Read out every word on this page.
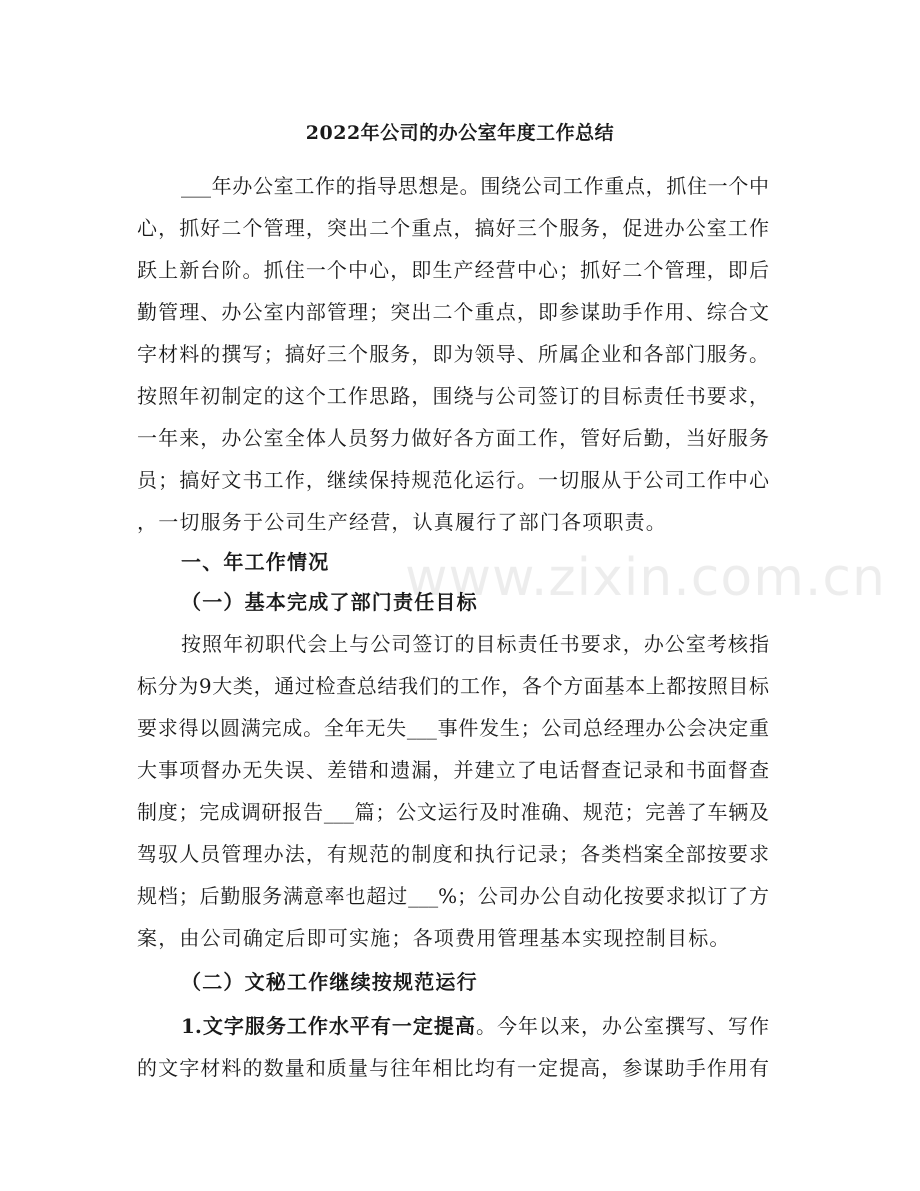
www.zixin.com.cn
2022年公司的办公室年度工作总结
___年办公室工作的指导思想是。围绕公司工作重点，抓住一个中
心，抓好二个管理，突出二个重点，搞好三个服务，促进办公室工作
跃上新台阶。抓住一个中心，即生产经营中心；抓好二个管理，即后
勤管理、办公室内部管理；突出二个重点，即参谋助手作用、综合文
字材料的撰写；搞好三个服务，即为领导、所属企业和各部门服务。
按照年初制定的这个工作思路，围绕与公司签订的目标责任书要求，
一年来，办公室全体人员努力做好各方面工作，管好后勤，当好服务
员；搞好文书工作，继续保持规范化运行。一切服从于公司工作中心
，一切服务于公司生产经营，认真履行了部门各项职责。
一、年工作情况
（一）基本完成了部门责任目标
按照年初职代会上与公司签订的目标责任书要求，办公室考核指
标分为9大类，通过检查总结我们的工作，各个方面基本上都按照目标
要求得以圆满完成。全年无失___事件发生；公司总经理办公会决定重
大事项督办无失误、差错和遗漏，并建立了电话督查记录和书面督查
制度；完成调研报告___篇；公文运行及时准确、规范；完善了车辆及
驾驭人员管理办法，有规范的制度和执行记录；各类档案全部按要求
规档；后勤服务满意率也超过___%；公司办公自动化按要求拟订了方
案，由公司确定后即可实施；各项费用管理基本实现控制目标。
（二）文秘工作继续按规范运行
1.文字服务工作水平有一定提高。今年以来，办公室撰写、写作
的文字材料的数量和质量与往年相比均有一定提高，参谋助手作用有
